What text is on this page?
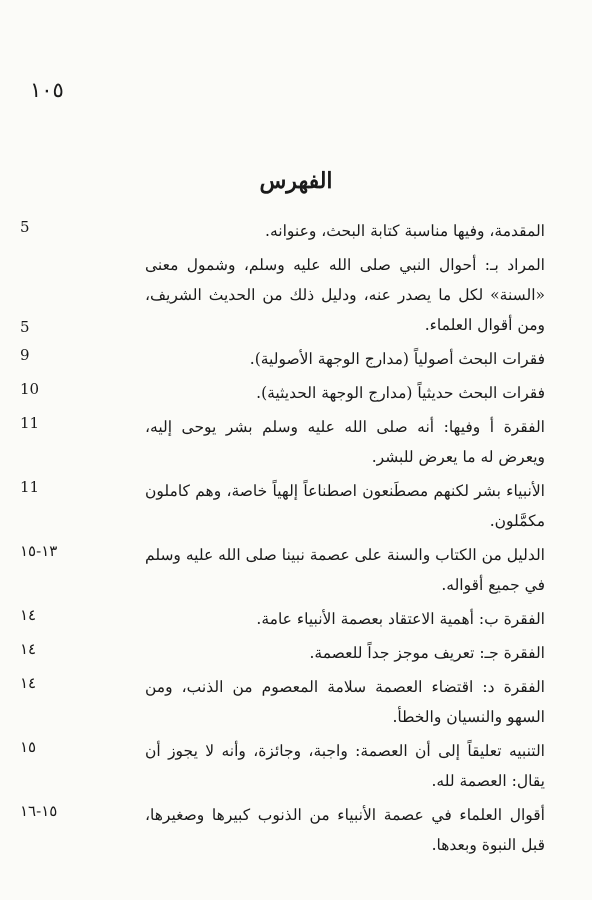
١٠٥
الفهرس
المقدمة، وفيها مناسبة كتابة البحث، وعنوانه.
5
المراد بـ: أحوال النبي صلى الله عليه وسلم، وشمول معنى «السنة» لكل ما يصدر عنه، ودليل ذلك من الحديث الشريف، ومن أقوال العلماء.
5
فقرات البحث أصولياً (مدارج الوجهة الأصولية).
9
فقرات البحث حديثياً (مدارج الوجهة الحديثية).
10
الفقرة أ وفيها: أنه صلى الله عليه وسلم بشر يوحى إليه، ويعرض له ما يعرض للبشر.
11
الأنبياء بشر لكنهم مصطَنعون اصطناعاً إلهياً خاصة، وهم كاملون مكمَّلون.
11
الدليل من الكتاب والسنة على عصمة نبينا صلى الله عليه وسلم في جميع أقواله.
١٣-١٥
الفقرة ب: أهمية الاعتقاد بعصمة الأنبياء عامة.
١٤
الفقرة جـ: تعريف موجز جداً للعصمة.
١٤
الفقرة د: اقتضاء العصمة سلامة المعصوم من الذنب، ومن السهو والنسيان والخطأ.
١٤
التنبيه تعليقاً إلى أن العصمة: واجبة، وجائزة، وأنه لا يجوز أن يقال: العصمة لله.
١٥
أقوال العلماء في عصمة الأنبياء من الذنوب كبيرها وصغيرها، قبل النبوة وبعدها.
١٥-١٦
